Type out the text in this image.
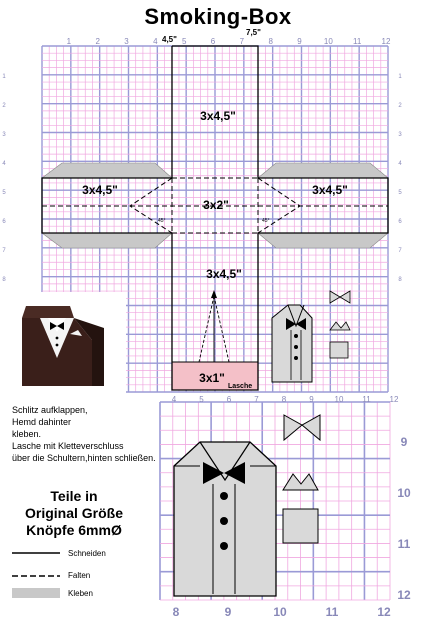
Smoking-Box
3x4,5"
3x4,5"
3x2"
3x4,5"
3x4,5"
3x1"
Lasche
45°	45°
4,5"
7,5"
1	2	3	4	5	6	7	8	9	10	11	12
1
2
3
4
5
6
7
8
1
2
3
4
5
6
7
8
4	5	6	7	8	9	10 11 12
9
10
11
12
8	9	10	11	12
Schlitz aufklappen,
Hemd dahinter
kleben.
Lasche mit Kletteverschluss
über die Schultern,hinten schließen.
Teile in
Original Größe
Knöpfe 6mmØ
Schneiden
Falten
Kleben
